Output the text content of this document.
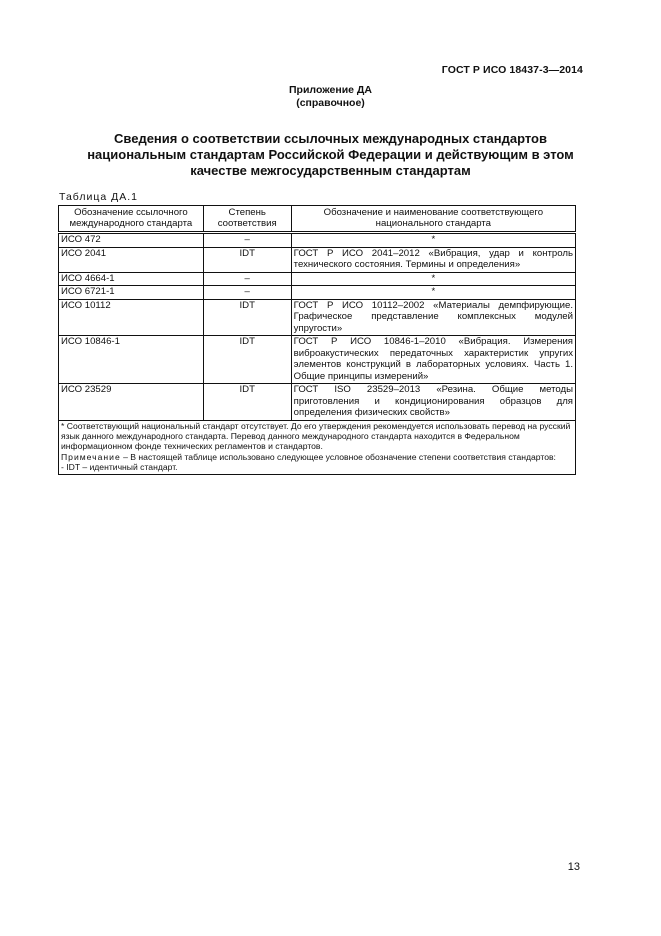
ГОСТ Р ИСО 18437-3—2014
Приложение ДА
(справочное)
Сведения о соответствии ссылочных международных стандартов
национальным стандартам Российской Федерации и действующим в этом
качестве межгосударственным стандартам
Таблица ДА.1
Обозначение ссылочного международного стандарта	Степень соответствия	Обозначение и наименование соответствующего национального стандарта
ИСО 472	–	*
ИСО 2041	IDT	ГОСТ Р ИСО 2041–2012 «Вибрация, удар и контроль технического состояния. Термины и определения»
ИСО 4664-1	–	*
ИСО 6721-1	–	*
ИСО 10112	IDT	ГОСТ Р ИСО 10112–2002 «Материалы демпфирующие. Графическое представление комплексных модулей упругости»
ИСО 10846-1	IDT	ГОСТ Р ИСО 10846-1–2010 «Вибрация. Измерения виброакустических передаточных характеристик упругих элементов конструкций в лабораторных условиях. Часть 1. Общие принципы измерений»
ИСО 23529	IDT	ГОСТ ISO 23529–2013 «Резина. Общие методы приготовления и кондиционирования образцов для определения физических свойств»

* Соответствующий национальный стандарт отсутствует. До его утверждения рекомендуется использовать перевод на русский язык данного международного стандарта. Перевод данного международного стандарта находится в Федеральном информационном фонде технических регламентов и стандартов.
Примечание – В настоящей таблице использовано следующее условное обозначение степени соответствия стандартов:
- IDT – идентичный стандарт.		
13
